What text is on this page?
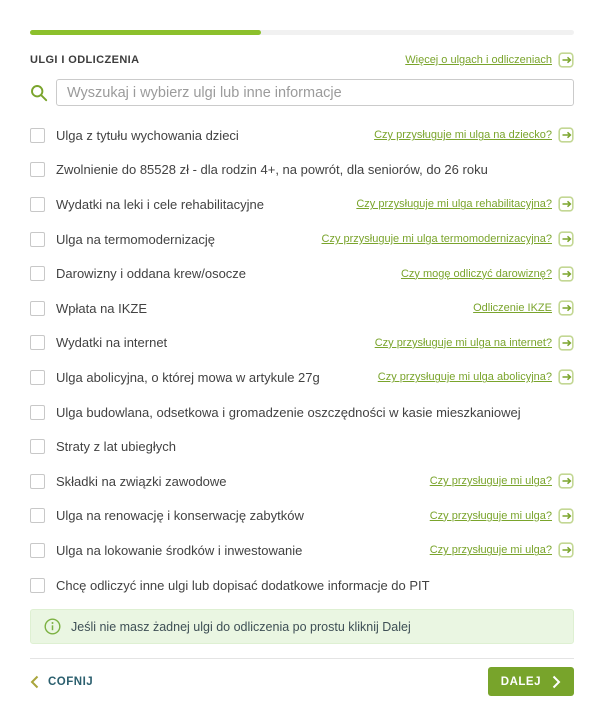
ULGI I ODLICZENIA	Więcej o ulgach i odliczeniach
Wyszukaj i wybierz ulgi lub inne informacje
Ulga z tytułu wychowania dzieci	Czy przysługuje mi ulga na dziecko?
Zwolnienie do 85528 zł - dla rodzin 4+, na powrót, dla seniorów, do 26 roku
Wydatki na leki i cele rehabilitacyjne	Czy przysługuje mi ulga rehabilitacyjna?
Ulga na termomodernizację	Czy przysługuje mi ulga termomodernizacyjna?
Darowizny i oddana krew/osocze	Czy mogę odliczyć darowiznę?
Wpłata na IKZE	Odliczenie IKZE
Wydatki na internet	Czy przysługuje mi ulga na internet?
Ulga abolicyjna, o której mowa w artykule 27g	Czy przysługuje mi ulga abolicyjna?
Ulga budowlana, odsetkowa i gromadzenie oszczędności w kasie mieszkaniowej
Straty z lat ubiegłych
Składki na związki zawodowe	Czy przysługuje mi ulga?
Ulga na renowację i konserwację zabytków	Czy przysługuje mi ulga?
Ulga na lokowanie środków i inwestowanie	Czy przysługuje mi ulga?
Chcę odliczyć inne ulgi lub dopisać dodatkowe informacje do PIT
Jeśli nie masz żadnej ulgi do odliczenia po prostu kliknij Dalej
COFNIJ	DALEJ
